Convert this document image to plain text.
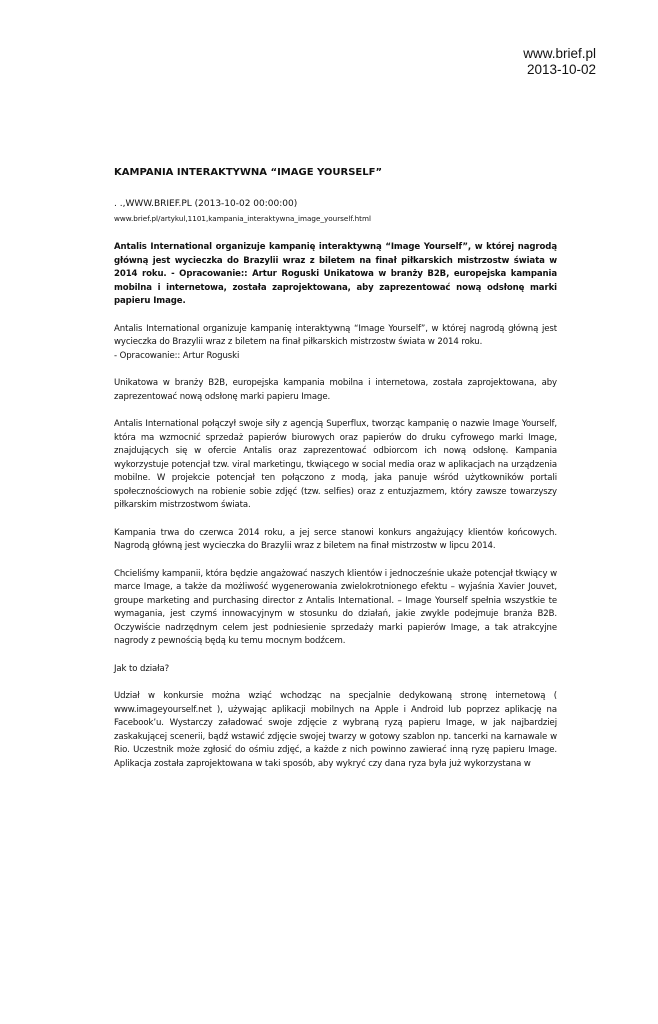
www.brief.pl
2013-10-02
KAMPANIA INTERAKTYWNA “IMAGE YOURSELF”

. .,WWW.BRIEF.PL (2013-10-02 00:00:00)

www.brief.pl/artykul,1101,kampania_interaktywna_image_yourself.html

Antalis International organizuje kampanię interaktywną “Image Yourself”, w której nagrodą główną jest wycieczka do Brazylii wraz z biletem na finał piłkarskich mistrzostw świata w 2014 roku. - Opracowanie:: Artur Roguski Unikatowa w branży B2B, europejska kampania mobilna i internetowa, została zaprojektowana, aby zaprezentować nową odsłonę marki papieru Image.

Antalis International organizuje kampanię interaktywną “Image Yourself”, w której nagrodą główną jest wycieczka do Brazylii wraz z biletem na finał piłkarskich mistrzostw świata w 2014 roku.
- Opracowanie:: Artur Roguski

Unikatowa w branży B2B, europejska kampania mobilna i internetowa, została zaprojektowana, aby zaprezentować nową odsłonę marki papieru Image.

Antalis International połączył swoje siły z agencją Superflux, tworząc kampanię o nazwie Image Yourself, która ma wzmocnić sprzedaż papierów biurowych oraz papierów do druku cyfrowego marki Image, znajdujących się w ofercie Antalis oraz zaprezentować odbiorcom ich nową odsłonę. Kampania wykorzystuje potencjał tzw. viral marketingu, tkwiącego w social media oraz w aplikacjach na urządzenia mobilne. W projekcie potencjał ten połączono z modą, jaka panuje wśród użytkowników portali społecznościowych na robienie sobie zdjęć (tzw. selfies) oraz z entuzjazmem, który zawsze towarzyszy piłkarskim mistrzostwom świata.

Kampania trwa do czerwca 2014 roku, a jej serce stanowi konkurs angażujący klientów końcowych. Nagrodą główną jest wycieczka do Brazylii wraz z biletem na finał mistrzostw w lipcu 2014.

Chcieliśmy kampanii, która będzie angażować naszych klientów i jednocześnie ukaże potencjał tkwiący w marce Image, a także da możliwość wygenerowania zwielokrotnionego efektu – wyjaśnia Xavier Jouvet, groupe marketing and purchasing director z Antalis International. – Image Yourself spełnia wszystkie te wymagania, jest czymś innowacyjnym w stosunku do działań, jakie zwykle podejmuje branża B2B. Oczywiście nadrzędnym celem jest podniesienie sprzedaży marki papierów Image, a tak atrakcyjne nagrody z pewnością będą ku temu mocnym bodźcem.

Jak to działa?

Udział w konkursie można wziąć wchodząc na specjalnie dedykowaną stronę internetową ( www.imageyourself.net ), używając aplikacji mobilnych na Apple i Android lub poprzez aplikację na Facebook’u. Wystarczy załadować swoje zdjęcie z wybraną ryzą papieru Image, w jak najbardziej zaskakującej scenerii, bądź wstawić zdjęcie swojej twarzy w gotowy szablon np. tancerki na karnawale w Rio. Uczestnik może zgłosić do ośmiu zdjęć, a każde z nich powinno zawierać inną ryzę papieru Image. Aplikacja została zaprojektowana w taki sposób, aby wykryć czy dana ryza była już wykorzystana w
